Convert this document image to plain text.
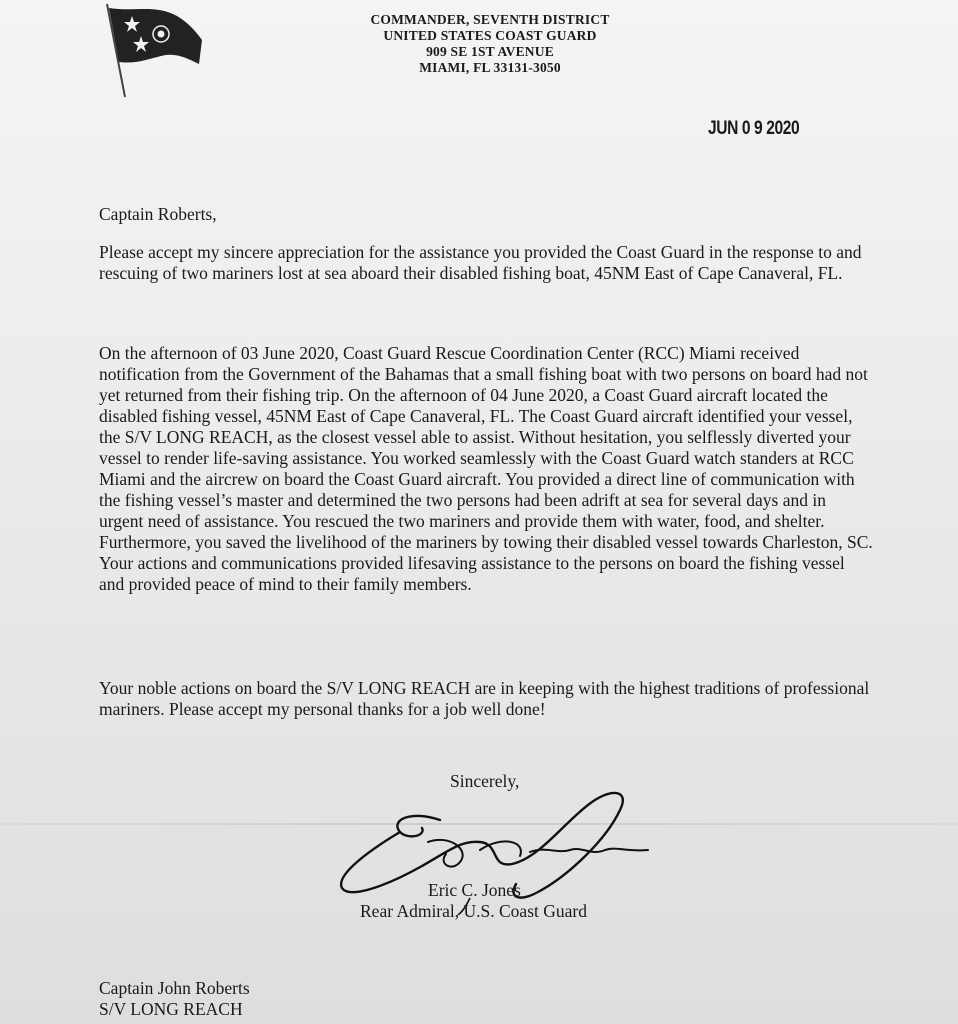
COMMANDER, SEVENTH DISTRICT
UNITED STATES COAST GUARD
909 SE 1ST AVENUE
MIAMI, FL 33131-3050
JUN 0 9 2020
Captain Roberts,
Please accept my sincere appreciation for the assistance you provided the Coast Guard in the response to and rescuing of two mariners lost at sea aboard their disabled fishing boat, 45NM East of Cape Canaveral, FL.
On the afternoon of 03 June 2020, Coast Guard Rescue Coordination Center (RCC) Miami received notification from the Government of the Bahamas that a small fishing boat with two persons on board had not yet returned from their fishing trip. On the afternoon of 04 June 2020, a Coast Guard aircraft located the disabled fishing vessel, 45NM East of Cape Canaveral, FL. The Coast Guard aircraft identified your vessel, the S/V LONG REACH, as the closest vessel able to assist. Without hesitation, you selflessly diverted your vessel to render life-saving assistance. You worked seamlessly with the Coast Guard watch standers at RCC Miami and the aircrew on board the Coast Guard aircraft. You provided a direct line of communication with the fishing vessel’s master and determined the two persons had been adrift at sea for several days and in urgent need of assistance. You rescued the two mariners and provide them with water, food, and shelter. Furthermore, you saved the livelihood of the mariners by towing their disabled vessel towards Charleston, SC. Your actions and communications provided lifesaving assistance to the persons on board the fishing vessel and provided peace of mind to their family members.
Your noble actions on board the S/V LONG REACH are in keeping with the highest traditions of professional mariners. Please accept my personal thanks for a job well done!
Sincerely,
Eric C. Jones
Rear Admiral, U.S. Coast Guard
Captain John Roberts
S/V LONG REACH
